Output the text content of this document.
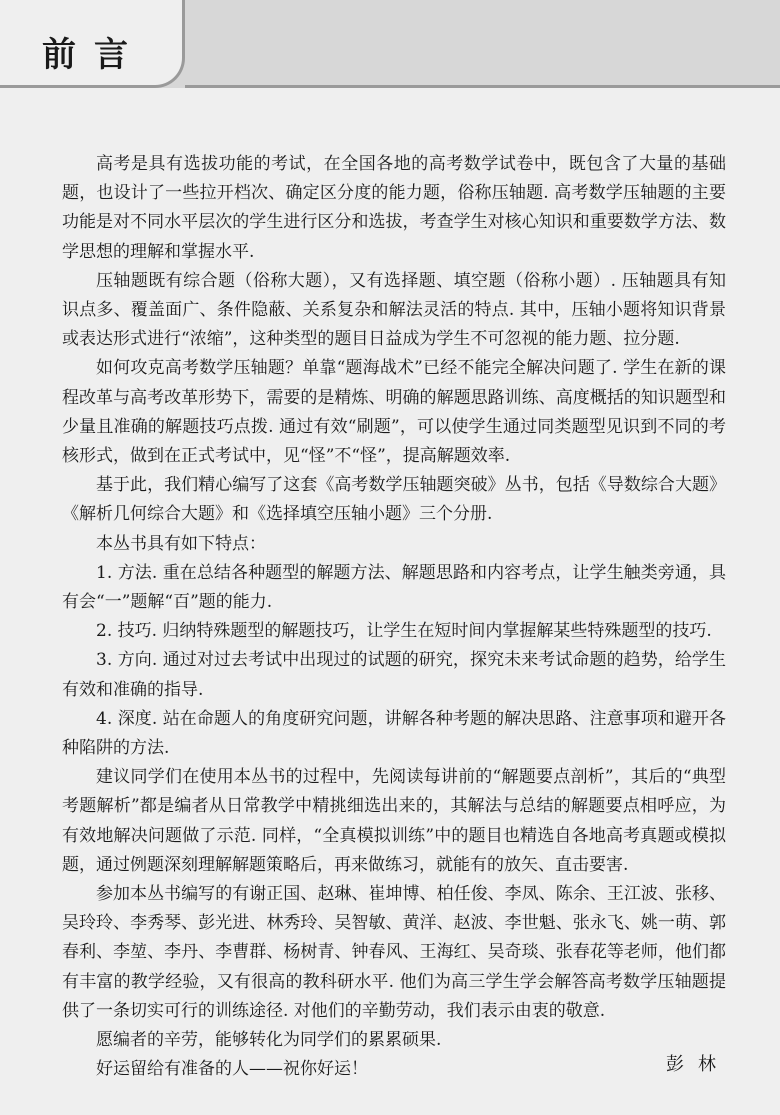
前言

高考是具有选拔功能的考试，在全国各地的高考数学试卷中，既包含了大量的基础题，也设计了一些拉开档次、确定区分度的能力题，俗称压轴题. 高考数学压轴题的主要功能是对不同水平层次的学生进行区分和选拔，考查学生对核心知识和重要数学方法、数学思想的理解和掌握水平.

压轴题既有综合题（俗称大题），又有选择题、填空题（俗称小题）. 压轴题具有知识点多、覆盖面广、条件隐蔽、关系复杂和解法灵活的特点. 其中，压轴小题将知识背景或表达形式进行“浓缩”，这种类型的题目日益成为学生不可忽视的能力题、拉分题.

如何攻克高考数学压轴题？单靠“题海战术”已经不能完全解决问题了. 学生在新的课程改革与高考改革形势下，需要的是精炼、明确的解题思路训练、高度概括的知识题型和少量且准确的解题技巧点拨. 通过有效“刷题”，可以使学生通过同类题型见识到不同的考核形式，做到在正式考试中，见“怪”不“怪”，提高解题效率.

基于此，我们精心编写了这套《高考数学压轴题突破》丛书，包括《导数综合大题》《解析几何综合大题》和《选择填空压轴小题》三个分册.

本丛书具有如下特点：

1. 方法. 重在总结各种题型的解题方法、解题思路和内容考点，让学生触类旁通，具有会“一”题解“百”题的能力.

2. 技巧. 归纳特殊题型的解题技巧，让学生在短时间内掌握解某些特殊题型的技巧.

3. 方向. 通过对过去考试中出现过的试题的研究，探究未来考试命题的趋势，给学生有效和准确的指导.

4. 深度. 站在命题人的角度研究问题，讲解各种考题的解决思路、注意事项和避开各种陷阱的方法.

建议同学们在使用本丛书的过程中，先阅读每讲前的“解题要点剖析”，其后的“典型考题解析”都是编者从日常教学中精挑细选出来的，其解法与总结的解题要点相呼应，为有效地解决问题做了示范. 同样，“全真模拟训练”中的题目也精选自各地高考真题或模拟题，通过例题深刻理解解题策略后，再来做练习，就能有的放矢、直击要害.

参加本丛书编写的有谢正国、赵琳、崔坤博、柏任俊、李凤、陈余、王江波、张移、吴玲玲、李秀琴、彭光进、林秀玲、吴智敏、黄洋、赵波、李世魁、张永飞、姚一萌、郭春利、李堃、李丹、李曹群、杨树青、钟春风、王海红、吴奇琰、张春花等老师，他们都有丰富的教学经验，又有很高的教科研水平. 他们为高三学生学会解答高考数学压轴题提供了一条切实可行的训练途径. 对他们的辛勤劳动，我们表示由衷的敬意.

愿编者的辛劳，能够转化为同学们的累累硕果.

好运留给有准备的人——祝你好运！	彭林
